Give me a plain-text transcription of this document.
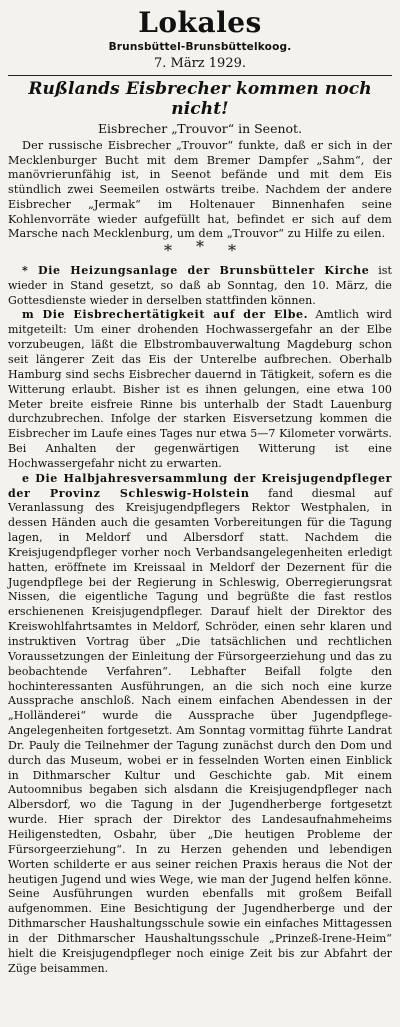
Lokales
Brunsbüttel-Brunsbüttelkoog.
7. März 1929.
Rußlands Eisbrecher kommen noch nicht!
Eisbrecher „Trouvor“ in Seenot.

Der russische Eisbrecher „Trouvor“ funkte, daß er sich in der Mecklenburger Bucht mit dem Bremer Dampfer „Sahm“, der manövrierunfähig ist, in Seenot befände und mit dem Eis stündlich zwei Seemeilen ostwärts treibe. Nachdem der andere Eisbrecher „Jermak“ im Holtenauer Binnenhafen seine Kohlenvorräte wieder aufgefüllt hat, befindet er sich auf dem Marsche nach Mecklenburg, um dem „Trouvor“ zu Hilfe zu eilen.

* * *

* Die Heizungsanlage der Brunsbütteler Kirche ist wieder in Stand gesetzt, so daß ab Sonntag, den 10. März, die Gottesdienste wieder in derselben stattfinden können.

m Die Eisbrechertätigkeit auf der Elbe. Amtlich wird mitgeteilt: Um einer drohenden Hochwassergefahr an der Elbe vorzubeugen, läßt die Elbstrombauverwaltung Magdeburg schon seit längerer Zeit das Eis der Unterelbe aufbrechen. Oberhalb Hamburg sind sechs Eisbrecher dauernd in Tätigkeit, sofern es die Witterung erlaubt. Bisher ist es ihnen gelungen, eine etwa 100 Meter breite eisfreie Rinne bis unterhalb der Stadt Lauenburg durchzubrechen. Infolge der starken Eisversetzung kommen die Eisbrecher im Laufe eines Tages nur etwa 5—7 Kilometer vorwärts. Bei Anhalten der gegenwärtigen Witterung ist eine Hochwassergefahr nicht zu erwarten.

e Die Halbjahresversammlung der Kreisjugendpfleger der Provinz Schleswig-Holstein fand diesmal auf Veranlassung des Kreisjugendpflegers Rektor Westphalen, in dessen Händen auch die gesamten Vorbereitungen für die Tagung lagen, in Meldorf und Albersdorf statt. Nachdem die Kreisjugendpfleger vorher noch Verbandsangelegenheiten erledigt hatten, eröffnete im Kreissaal in Meldorf der Dezernent für die Jugendpflege bei der Regierung in Schleswig, Oberregierungsrat Nissen, die eigentliche Tagung und begrüßte die fast restlos erschienenen Kreisjugendpfleger. Darauf hielt der Direktor des Kreiswohlfahrtsamtes in Meldorf, Schröder, einen sehr klaren und instruktiven Vortrag über „Die tatsächlichen und rechtlichen Voraussetzungen der Einleitung der Fürsorgeerziehung und das zu beobachtende Verfahren“. Lebhafter Beifall folgte den hochinteressanten Ausführungen, an die sich noch eine kurze Aussprache anschloß. Nach einem einfachen Abendessen in der „Holländerei“ wurde die Aussprache über Jugendpflege-Angelegenheiten fortgesetzt. Am Sonntag vormittag führte Landrat Dr. Pauly die Teilnehmer der Tagung zunächst durch den Dom und durch das Museum, wobei er in fesselnden Worten einen Einblick in Dithmarscher Kultur und Geschichte gab. Mit einem Autoomnibus begaben sich alsdann die Kreisjugendpfleger nach Albersdorf, wo die Tagung in der Jugendherberge fortgesetzt wurde. Hier sprach der Direktor des Landesaufnahmeheims Heiligenstedten, Osbahr, über „Die heutigen Probleme der Fürsorgeerziehung“. In zu Herzen gehenden und lebendigen Worten schilderte er aus seiner reichen Praxis heraus die Not der heutigen Jugend und wies Wege, wie man der Jugend helfen könne. Seine Ausführungen wurden ebenfalls mit großem Beifall aufgenommen. Eine Besichtigung der Jugendherberge und der Dithmarscher Haushaltungsschule sowie ein einfaches Mittagessen in der Dithmarscher Haushaltungsschule „Prinzeß-Irene-Heim“ hielt die Kreisjugendpfleger noch einige Zeit bis zur Abfahrt der Züge beisammen.
